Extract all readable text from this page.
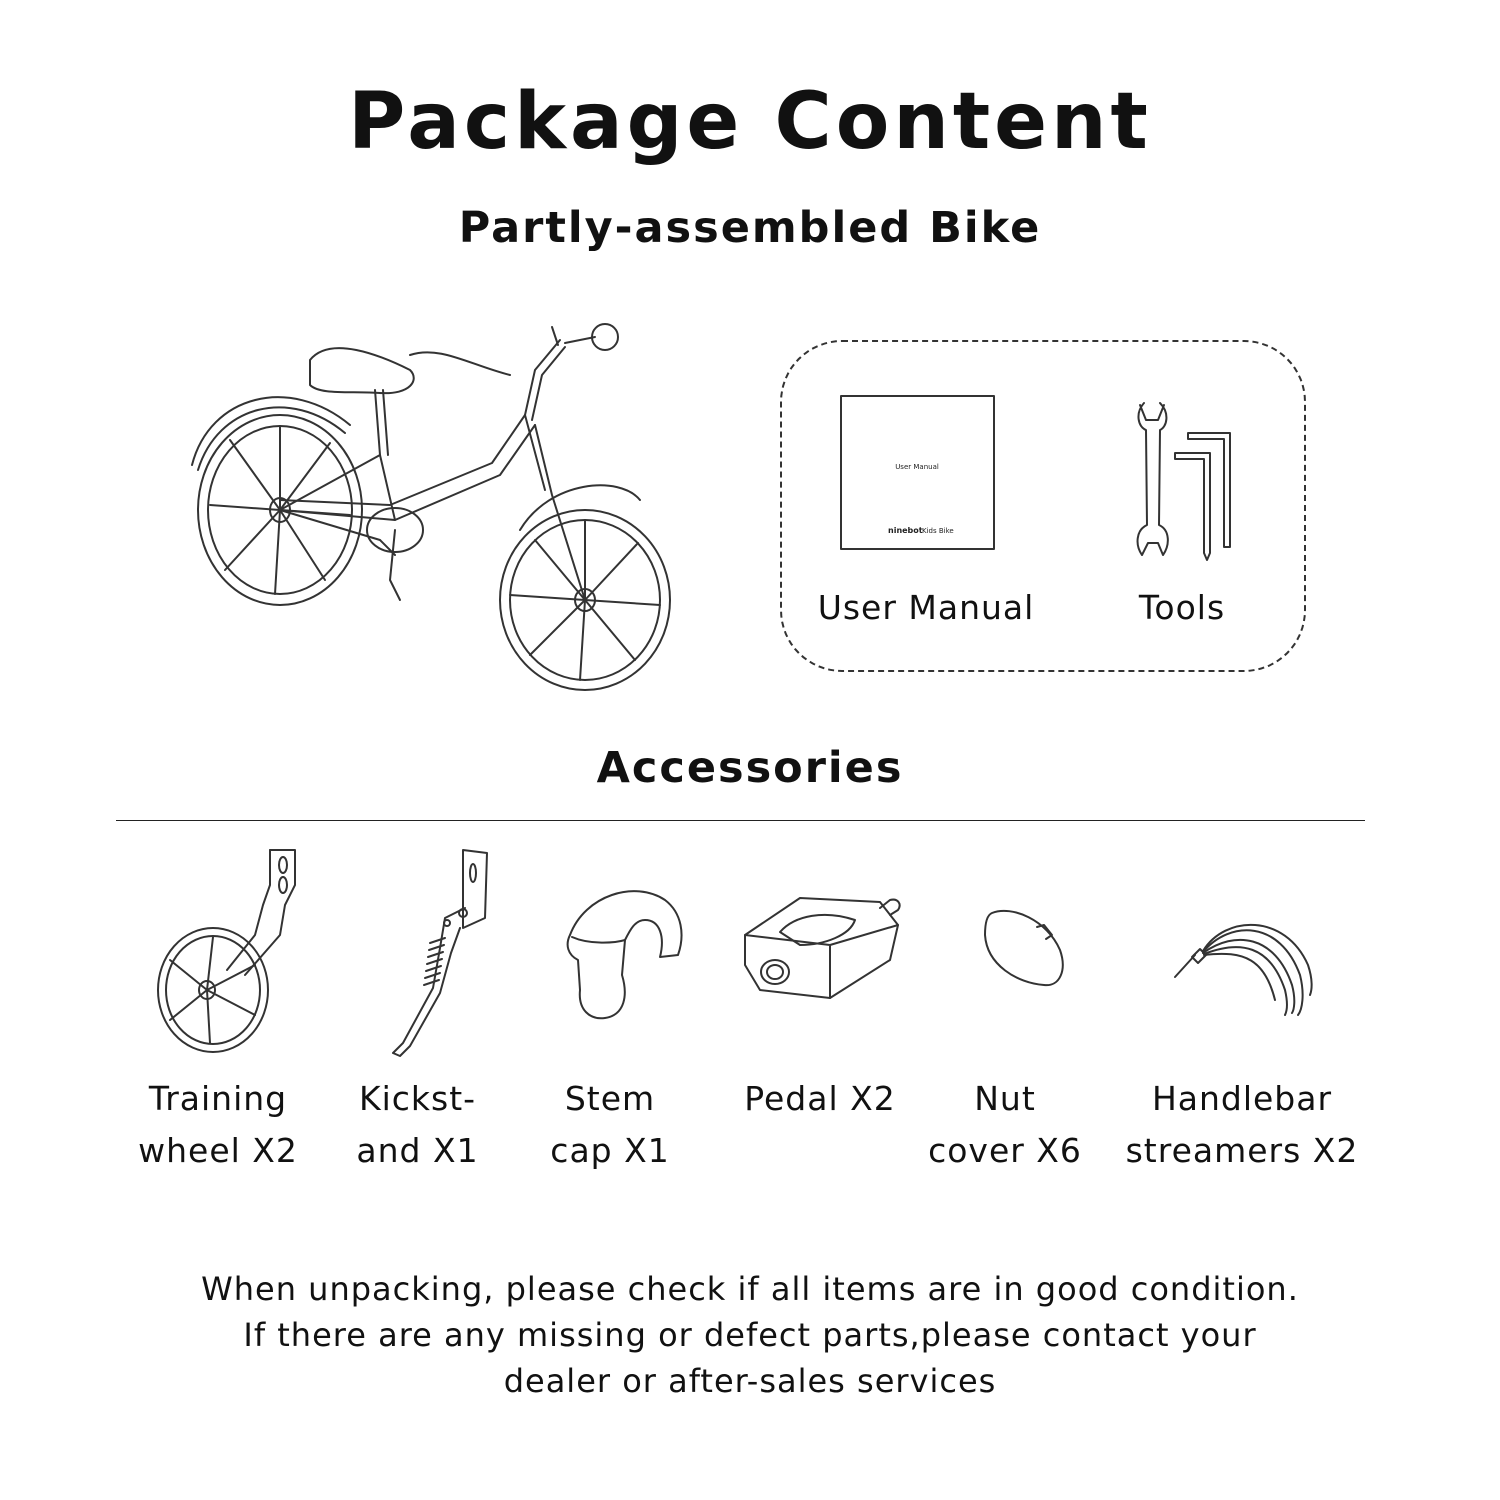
Package Content
Partly-assembled Bike
User Manual
ninebot Kids Bike
User Manual	Tools
Accessories
Training
wheel X2
Kickst-
and X1
Stem
cap X1
Pedal X2	Nut
cover X6
Handlebar
streamers X2
When unpacking, please check if all items are in good condition.
If there are any missing or defect parts,please contact your
dealer or after-sales services
